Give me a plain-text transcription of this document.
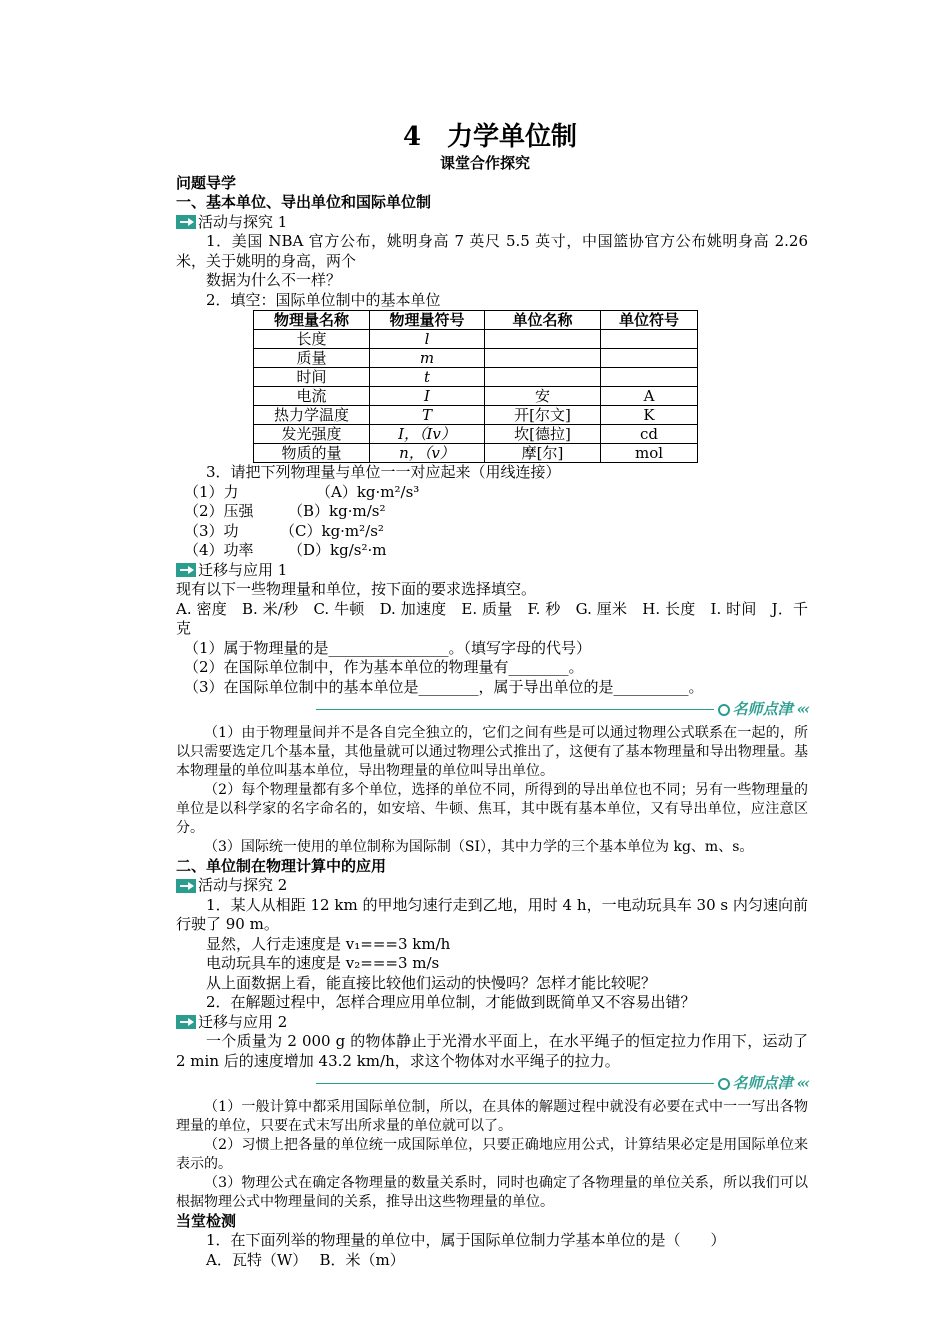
4　力学单位制
课堂合作探究
问题导学
一、基本单位、导出单位和国际单位制
活动与探究 1
1．美国 NBA 官方公布，姚明身高 7 英尺 5.5 英寸，中国篮协官方公布姚明身高 2.26 米，关于姚明的身高，两个
数据为什么不一样？
2．填空：国际单位制中的基本单位
物理量名称	物理量符号	单位名称	单位符号
长度	l		
质量	m		
时间	t		
电流	I	安	A
热力学温度	T	开[尔文]	K
发光强度	I，（Iv）	坎[德拉]	cd
物质的量	n，（v）	摩[尔]	mol
3．请把下列物理量与单位一一对应起来（用线连接）
（1）力	（A）kg·m²/s³
（2）压强 （B）kg·m/s²
（3）功	（C）kg·m²/s²
（4）功率 （D）kg/s²·m
迁移与应用 1
现有以下一些物理量和单位，按下面的要求选择填空。
A. 密度　B. 米/秒　C. 牛顿　D. 加速度　E. 质量　F. 秒　G. 厘米　H. 长度　I. 时间　J．千克
（1）属于物理量的是________________。（填写字母的代号）
（2）在国际单位制中，作为基本单位的物理量有________。
（3）在国际单位制中的基本单位是________，属于导出单位的是__________。
名师点津 «‹
（1）由于物理量间并不是各自完全独立的，它们之间有些是可以通过物理公式联系在一起的，所以只需要选定几个基本量，其他量就可以通过物理公式推出了，这便有了基本物理量和导出物理量。基本物理量的单位叫基本单位，导出物理量的单位叫导出单位。
（2）每个物理量都有多个单位，选择的单位不同，所得到的导出单位也不同；另有一些物理量的单位是以科学家的名字命名的，如安培、牛顿、焦耳，其中既有基本单位，又有导出单位，应注意区分。
（3）国际统一使用的单位制称为国际制（SI），其中力学的三个基本单位为 kg、m、s。
二、单位制在物理计算中的应用
活动与探究 2
1．某人从相距 12 km 的甲地匀速行走到乙地，用时 4 h，一电动玩具车 30 s 内匀速向前行驶了 90 m。
显然，人行走速度是 v₁===3 km/h
电动玩具车的速度是 v₂===3 m/s
从上面数据上看，能直接比较他们运动的快慢吗？怎样才能比较呢？
2．在解题过程中，怎样合理应用单位制，才能做到既简单又不容易出错？
迁移与应用 2
一个质量为 2 000 g 的物体静止于光滑水平面上，在水平绳子的恒定拉力作用下，运动了 2 min 后的速度增加 43.2 km/h，求这个物体对水平绳子的拉力。
名师点津 «‹
（1）一般计算中都采用国际单位制，所以，在具体的解题过程中就没有必要在式中一一写出各物理量的单位，只要在式末写出所求量的单位就可以了。
（2）习惯上把各量的单位统一成国际单位，只要正确地应用公式，计算结果必定是用国际单位来表示的。
（3）物理公式在确定各物理量的数量关系时，同时也确定了各物理量的单位关系，所以我们可以根据物理公式中物理量间的关系，推导出这些物理量的单位。
当堂检测
1．在下面列举的物理量的单位中，属于国际单位制力学基本单位的是（　　）
A．瓦特（W）　 B．米（m）
